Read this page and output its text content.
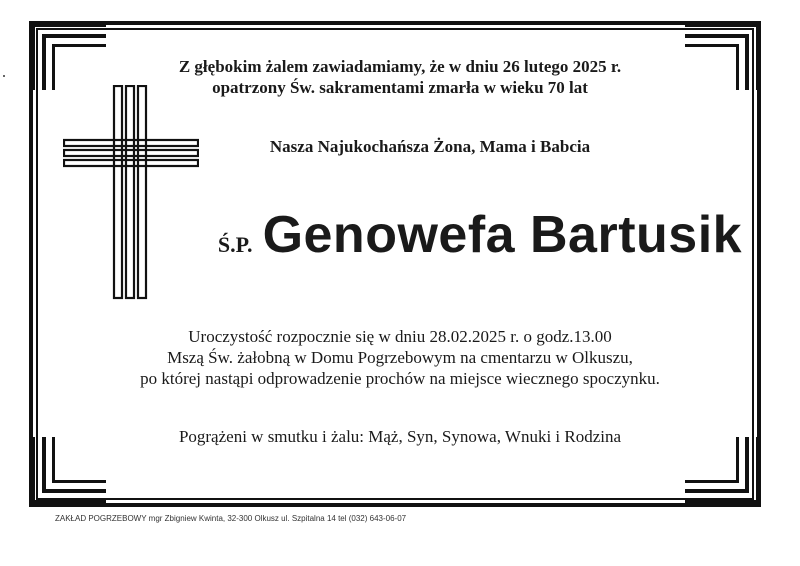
Z głębokim żalem zawiadamiamy, że w dniu 26 lutego 2025 r.
opatrzony Św. sakramentami zmarła w wieku 70 lat
Nasza Najukochańsza Żona, Mama i Babcia
Ś.P. Genowefa Bartusik
Uroczystość rozpocznie się w dniu 28.02.2025 r. o godz.13.00
Mszą Św. żałobną w Domu Pogrzebowym na cmentarzu w Olkuszu,
po której nastąpi odprowadzenie prochów na miejsce wiecznego spoczynku.
Pogrążeni w smutku i żalu: Mąż, Syn, Synowa, Wnuki i Rodzina
ZAKŁAD POGRZEBOWY mgr Zbigniew Kwinta, 32-300 Olkusz ul. Szpitalna 14 tel (032) 643-06-07
